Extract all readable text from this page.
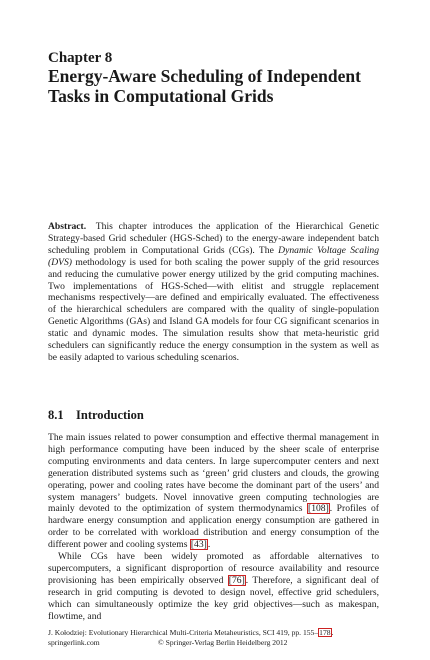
Chapter 8
Energy-Aware Scheduling of Independent Tasks in Computational Grids
Abstract. This chapter introduces the application of the Hierarchical Genetic Strategy-based Grid scheduler (HGS-Sched) to the energy-aware independent batch scheduling problem in Computational Grids (CGs). The Dynamic Voltage Scaling (DVS) methodology is used for both scaling the power supply of the grid resources and reducing the cumulative power energy utilized by the grid computing machines. Two implementations of HGS-Sched—with elitist and struggle replacement mechanisms respectively—are defined and empirically evaluated. The effectiveness of the hierarchical schedulers are compared with the quality of single-population Genetic Algorithms (GAs) and Island GA models for four CG significant scenarios in static and dynamic modes. The simulation results show that meta-heuristic grid schedulers can significantly reduce the energy consumption in the system as well as be easily adapted to various scheduling scenarios.
8.1 Introduction

The main issues related to power consumption and effective thermal management in high performance computing have been induced by the sheer scale of enterprise computing environments and data centers. In large supercomputer centers and next generation distributed systems such as ‘green’ grid clusters and clouds, the growing operating, power and cooling rates have become the dominant part of the users’ and system managers’ budgets. Novel innovative green computing technologies are mainly devoted to the optimization of system thermodynamics [108]. Profiles of hardware energy consumption and application energy consumption are gathered in order to be correlated with workload distribution and energy consumption of the different power and cooling systems [43].

While CGs have been widely promoted as affordable alternatives to supercomputers, a significant disproportion of resource availability and resource provisioning has been empirically observed [76]. Therefore, a significant deal of research in grid computing is devoted to design novel, effective grid schedulers, which can simultaneously optimize the key grid objectives—such as makespan, flowtime, and

J. Kołodziej: Evolutionary Hierarchical Multi-Criteria Metaheuristics, SCI 419, pp. 155–178.
springerlink.com	© Springer-Verlag Berlin Heidelberg 2012
